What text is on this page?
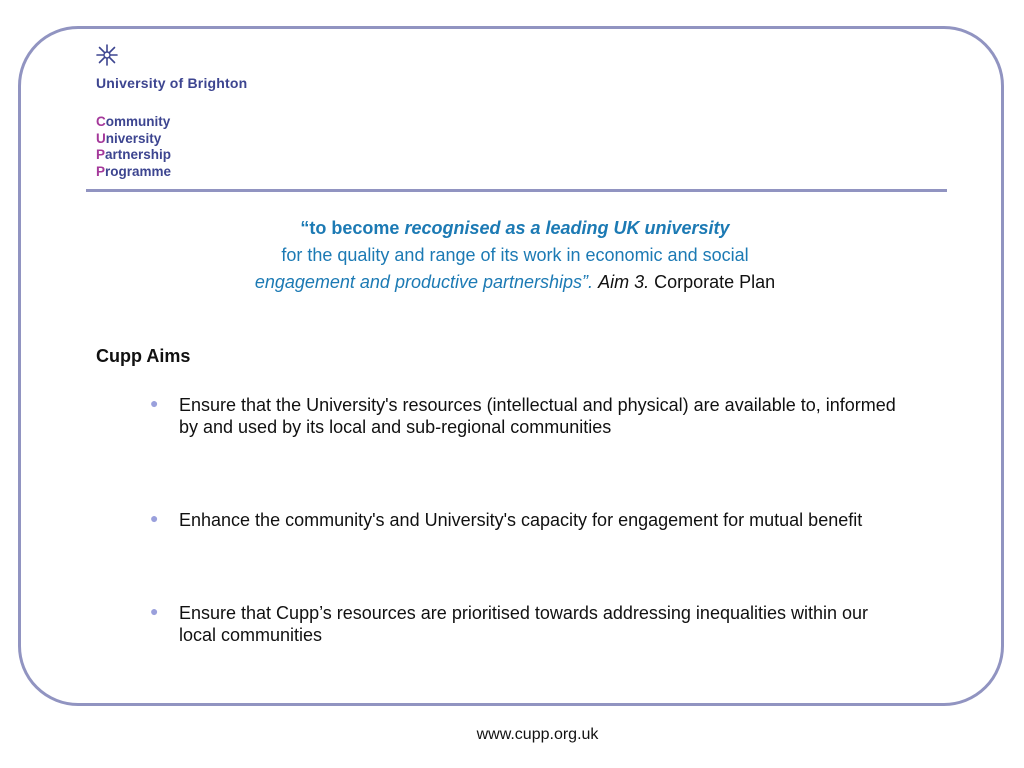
University of Brighton
Community
University
Partnership
Programme
“to become recognised as a leading UK university
for the quality and range of its work in economic and social
engagement and productive partnerships”. Aim 3. Corporate Plan
Cupp Aims
● Ensure that the University's resources (intellectual and physical) are available to, informed by and used by its local and sub-regional communities
● Enhance the community's and University's capacity for engagement for mutual benefit
● Ensure that Cupp’s resources are prioritised towards addressing inequalities within our local communities
www.cupp.org.uk
